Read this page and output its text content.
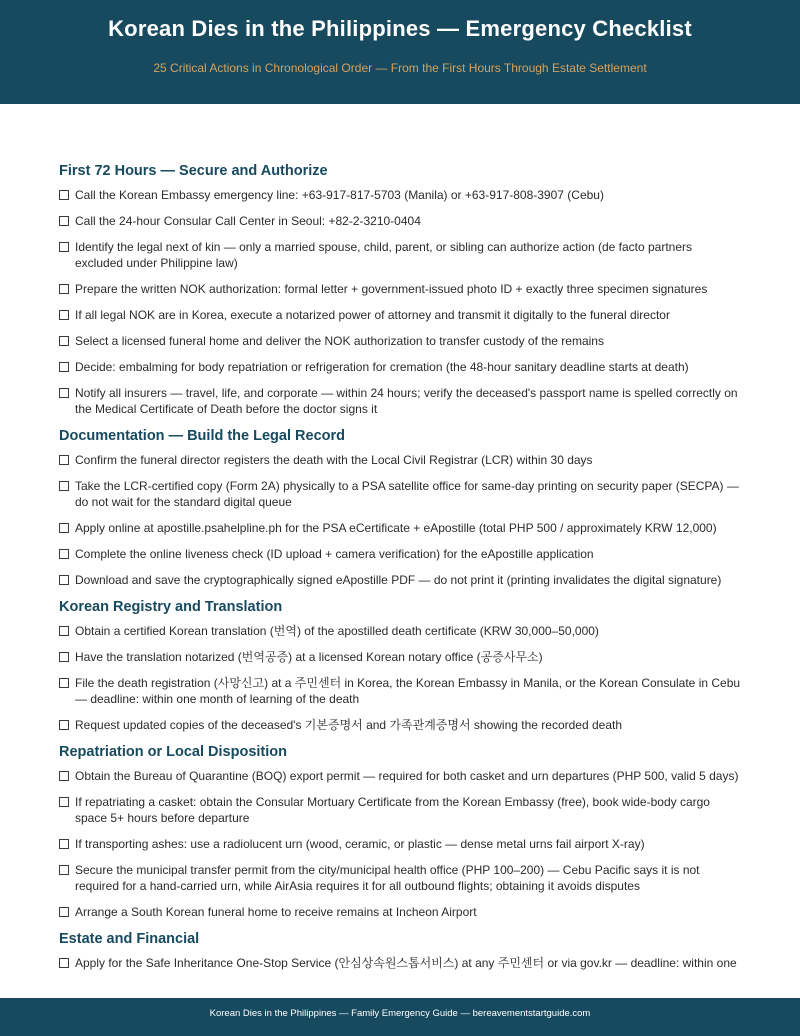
Korean Dies in the Philippines — Emergency Checklist

25 Critical Actions in Chronological Order — From the First Hours Through Estate Settlement

First 72 Hours — Secure and Authorize
Call the Korean Embassy emergency line: +63-917-817-5703 (Manila) or +63-917-808-3907 (Cebu)
Call the 24-hour Consular Call Center in Seoul: +82-2-3210-0404
Identify the legal next of kin — only a married spouse, child, parent, or sibling can authorize action (de facto partners excluded under Philippine law)
Prepare the written NOK authorization: formal letter + government-issued photo ID + exactly three specimen signatures
If all legal NOK are in Korea, execute a notarized power of attorney and transmit it digitally to the funeral director
Select a licensed funeral home and deliver the NOK authorization to transfer custody of the remains
Decide: embalming for body repatriation or refrigeration for cremation (the 48-hour sanitary deadline starts at death)
Notify all insurers — travel, life, and corporate — within 24 hours; verify the deceased's passport name is spelled correctly on the Medical Certificate of Death before the doctor signs it
Documentation — Build the Legal Record
Confirm the funeral director registers the death with the Local Civil Registrar (LCR) within 30 days
Take the LCR-certified copy (Form 2A) physically to a PSA satellite office for same-day printing on security paper (SECPA) — do not wait for the standard digital queue
Apply online at apostille.psahelpline.ph for the PSA eCertificate + eApostille (total PHP 500 / approximately KRW 12,000)
Complete the online liveness check (ID upload + camera verification) for the eApostille application
Download and save the cryptographically signed eApostille PDF — do not print it (printing invalidates the digital signature)
Korean Registry and Translation
Obtain a certified Korean translation (번역) of the apostilled death certificate (KRW 30,000–50,000)
Have the translation notarized (번역공증) at a licensed Korean notary office (공증사무소)
File the death registration (사망신고) at a 주민센터 in Korea, the Korean Embassy in Manila, or the Korean Consulate in Cebu — deadline: within one month of learning of the death
Request updated copies of the deceased's 기본증명서 and 가족관계증명서 showing the recorded death
Repatriation or Local Disposition
Obtain the Bureau of Quarantine (BOQ) export permit — required for both casket and urn departures (PHP 500, valid 5 days)
If repatriating a casket: obtain the Consular Mortuary Certificate from the Korean Embassy (free), book wide-body cargo space 5+ hours before departure
If transporting ashes: use a radiolucent urn (wood, ceramic, or plastic — dense metal urns fail airport X-ray)
Secure the municipal transfer permit from the city/municipal health office (PHP 100–200) — Cebu Pacific says it is not required for a hand-carried urn, while AirAsia requires it for all outbound flights; obtaining it avoids disputes
Arrange a South Korean funeral home to receive remains at Incheon Airport
Estate and Financial
Apply for the Safe Inheritance One-Stop Service (안심상속원스톱서비스) at any 주민센터 or via gov.kr — deadline: within one
Korean Dies in the Philippines — Family Emergency Guide — bereavementstartguide.com
